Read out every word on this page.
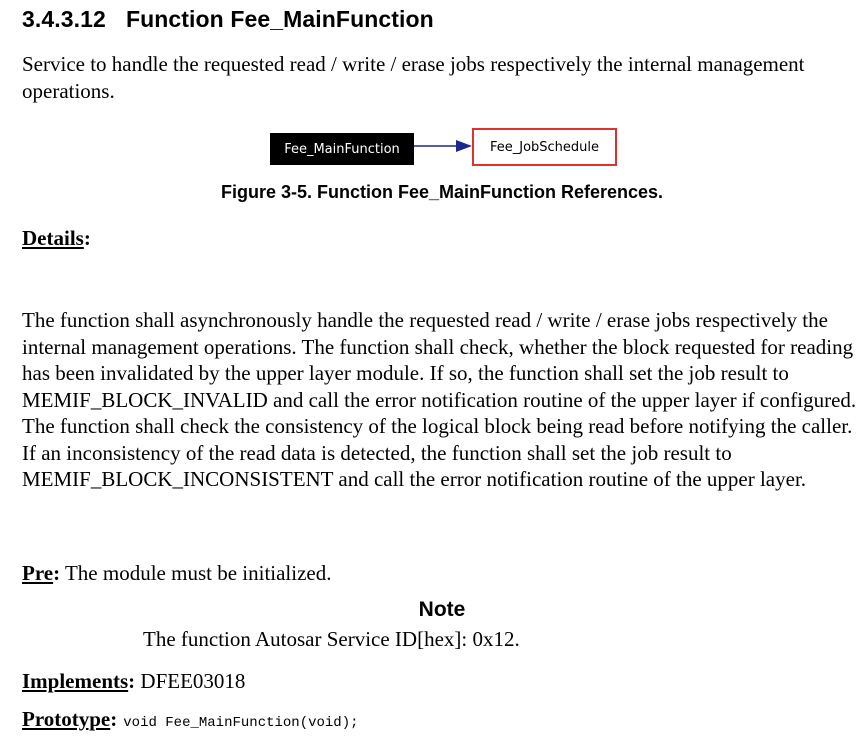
3.4.3.12 Function Fee_MainFunction
Service to handle the requested read / write / erase jobs respectively the internal management operations.
Fee_MainFunction	Fee_JobSchedule
Figure 3-5. Function Fee_MainFunction References.
Details:
The function shall asynchronously handle the requested read / write / erase jobs respectively the internal management operations. The function shall check, whether the block requested for reading has been invalidated by the upper layer module. If so, the function shall set the job result to MEMIF_BLOCK_INVALID and call the error notification routine of the upper layer if configured. The function shall check the consistency of the logical block being read before notifying the caller. If an inconsistency of the read data is detected, the function shall set the job result to MEMIF_BLOCK_INCONSISTENT and call the error notification routine of the upper layer.
Pre: The module must be initialized.
Note
The function Autosar Service ID[hex]: 0x12.
Implements: DFEE03018
Prototype: void Fee_MainFunction(void);
